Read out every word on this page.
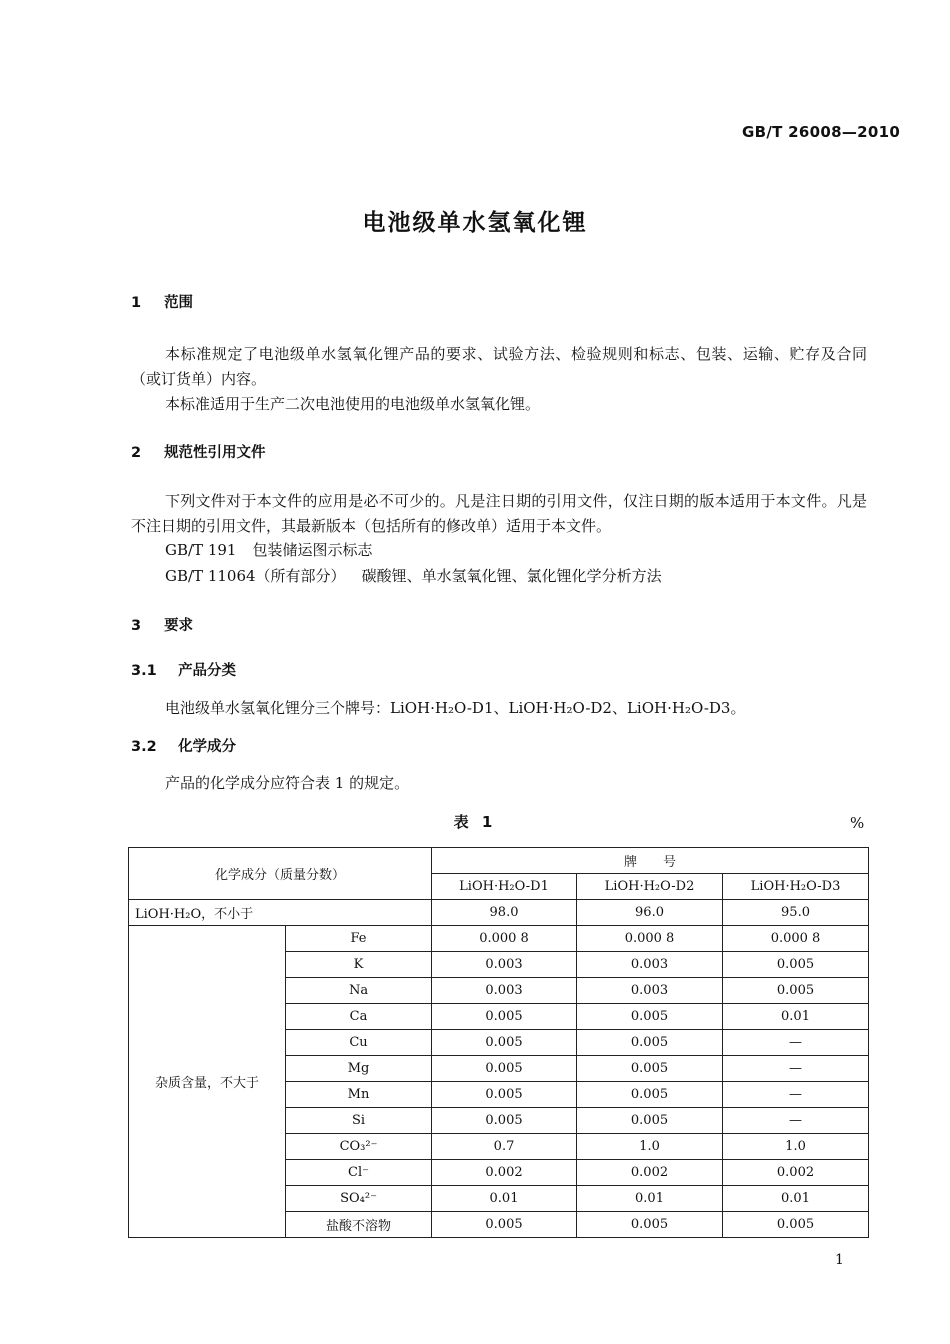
GB/T 26008—2010
电池级单水氢氧化锂
1 范围

本标准规定了电池级单水氢氧化锂产品的要求、试验方法、检验规则和标志、包装、运输、贮存及合同（或订货单）内容。

本标准适用于生产二次电池使用的电池级单水氢氧化锂。

2 规范性引用文件

下列文件对于本文件的应用是必不可少的。凡是注日期的引用文件，仅注日期的版本适用于本文件。凡是不注日期的引用文件，其最新版本（包括所有的修改单）适用于本文件。

GB/T 191 包装储运图示标志
GB/T 11064（所有部分） 碳酸锂、单水氢氧化锂、氯化锂化学分析方法
3 要求
3.1 产品分类
电池级单水氢氧化锂分三个牌号：LiOH·H₂O-D1、LiOH·H₂O-D2、LiOH·H₂O-D3。
3.2 化学成分
产品的化学成分应符合表 1 的规定。
表 1	%
化学成分（质量分数）		牌　　号		
		LiOH·H₂O-D1	LiOH·H₂O-D2	LiOH·H₂O-D3
LiOH·H₂O，不小于		98.0	96.0	95.0
杂质含量，不大于	Fe	0.000 8	0.000 8	0.000 8
	K	0.003	0.003	0.005
	Na	0.003	0.003	0.005
	Ca	0.005	0.005	0.01
	Cu	0.005	0.005	—
	Mg	0.005	0.005	—
	Mn	0.005	0.005	—
	Si	0.005	0.005	—
	CO₃²⁻	0.7	1.0	1.0
	Cl⁻	0.002	0.002	0.002
	SO₄²⁻	0.01	0.01	0.01
	盐酸不溶物	0.005	0.005	0.005
1
